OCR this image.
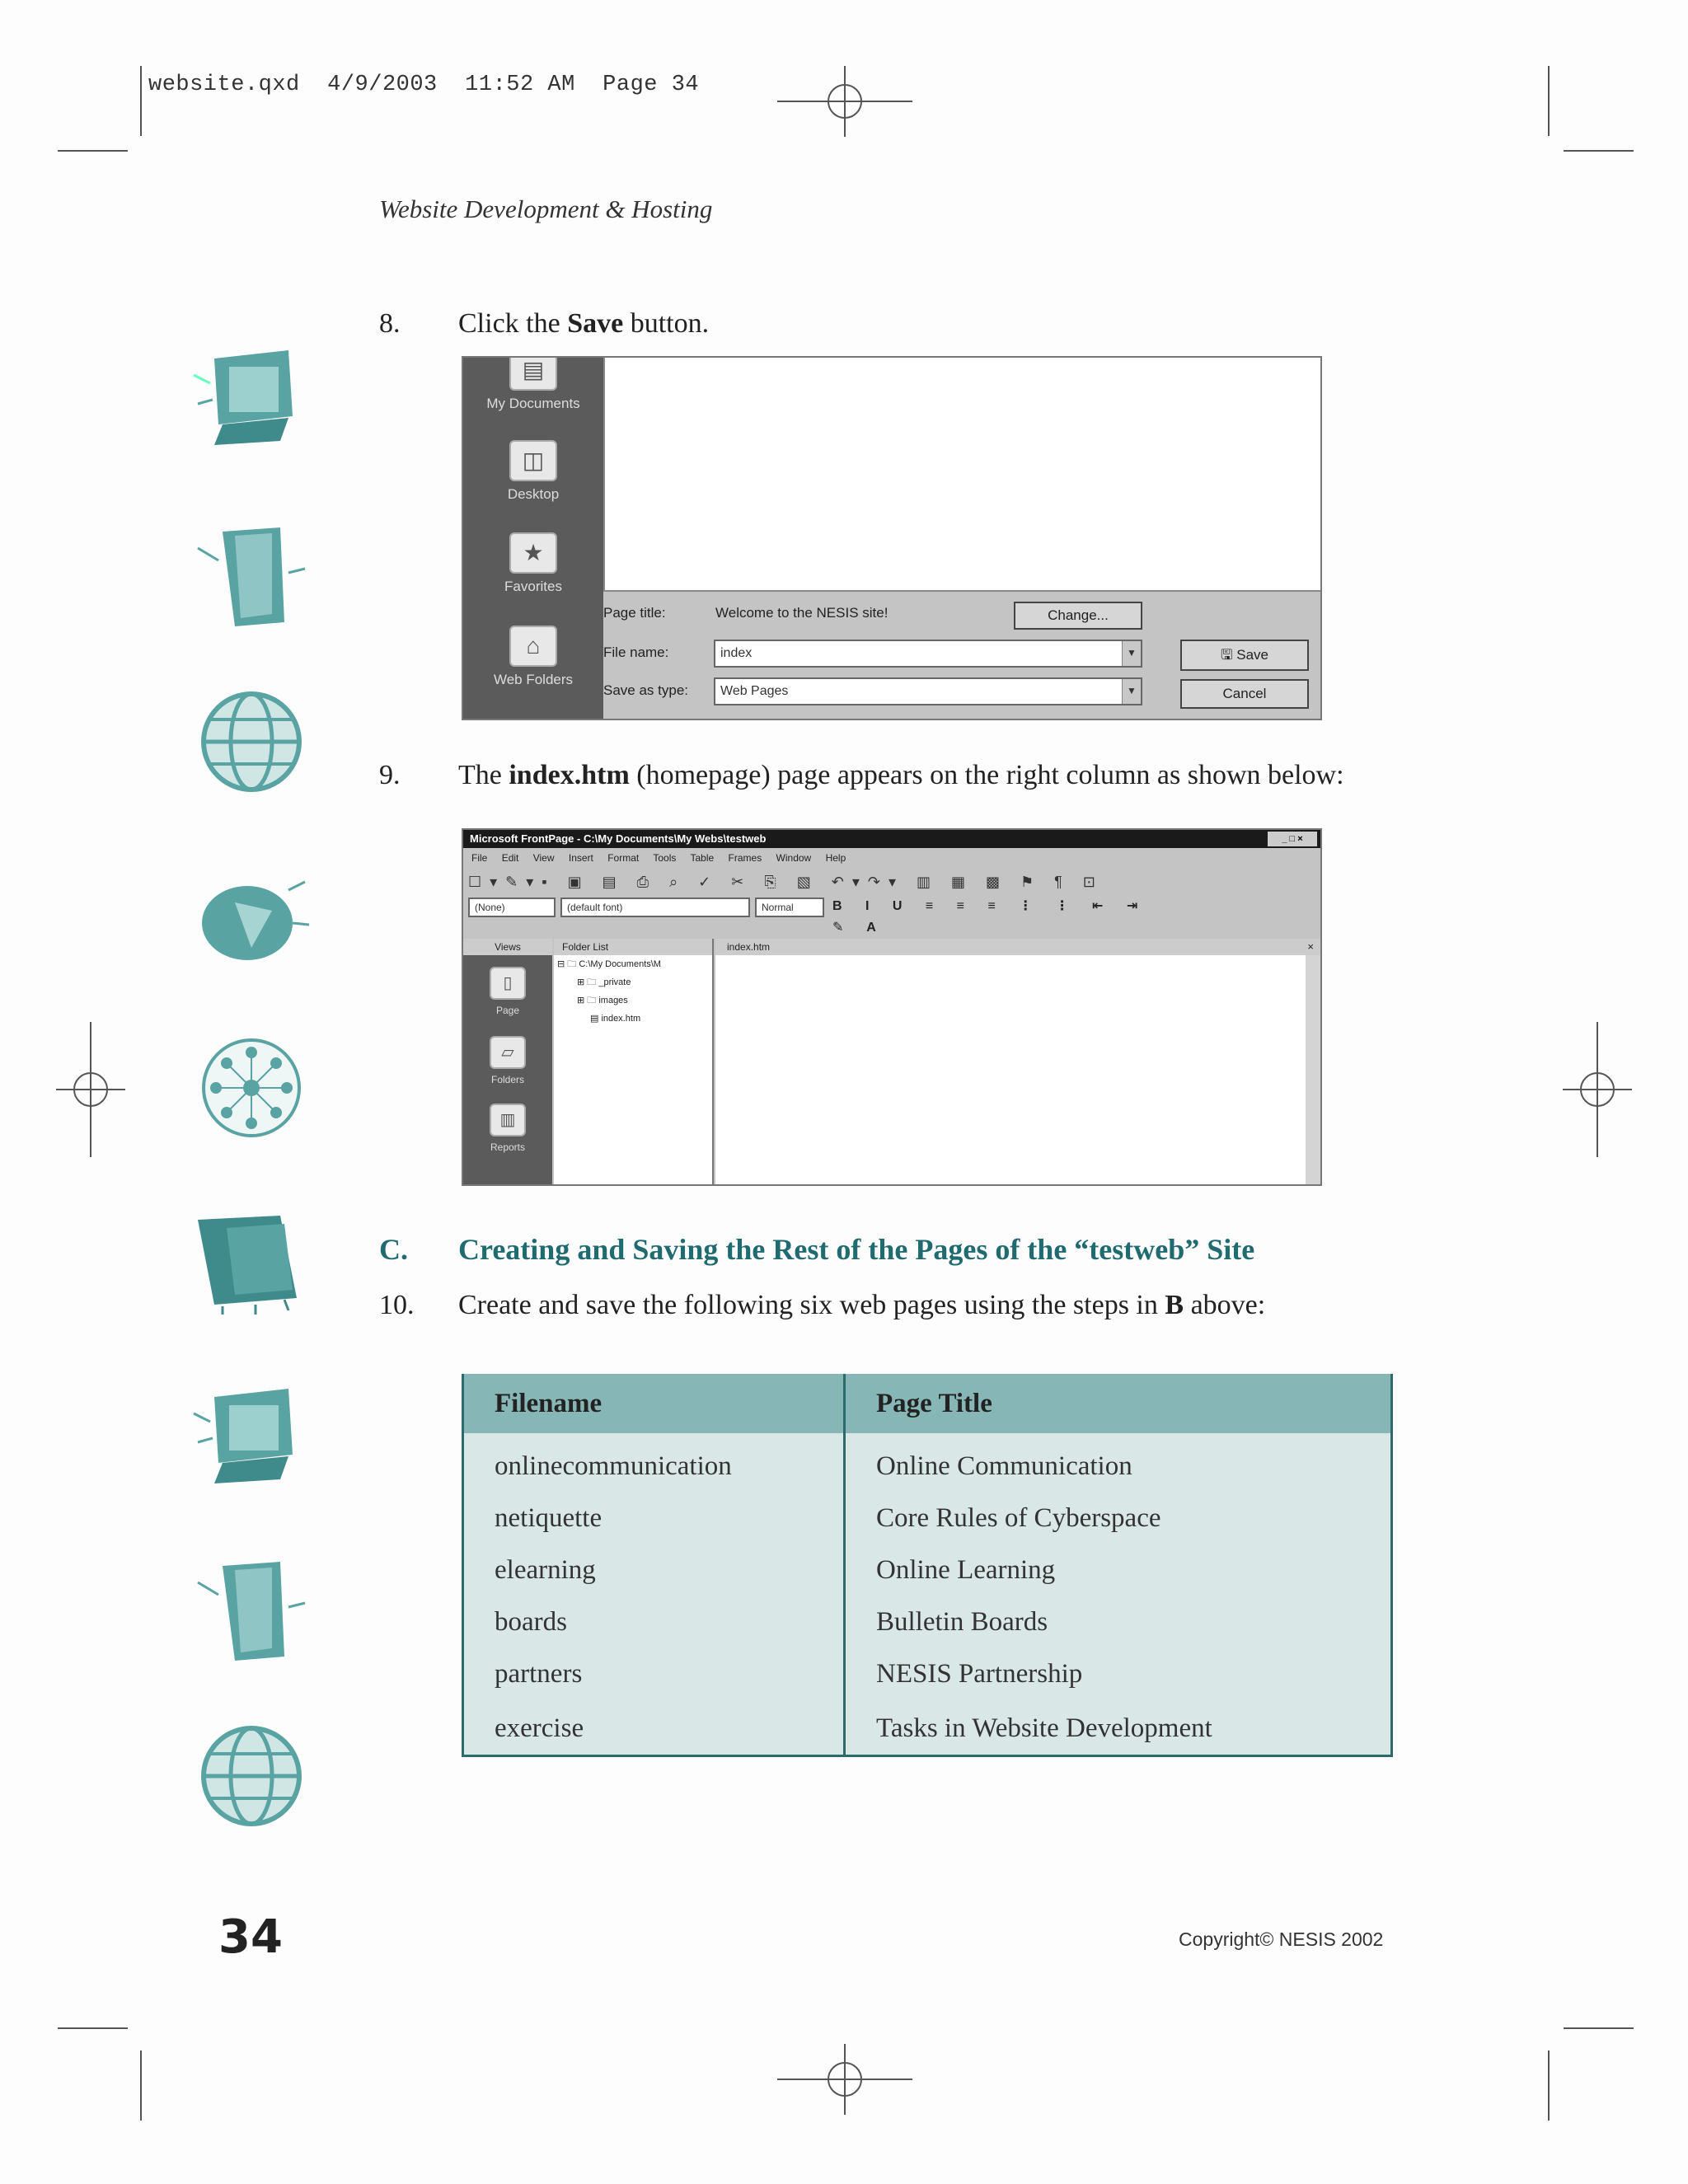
website.qxd  4/9/2003  11:52 AM  Page 34
Website Development & Hosting
8. Click the Save button.
▤
My Documents
◫
Desktop
★
Favorites
⌂
Web Folders
Page title:	Welcome to the NESIS site!	Change...
File name:	index	▼
Save as type:	Web Pages	▼
🖫 Save
Cancel
9. The index.htm (homepage) page appears on the right column as shown below:
Microsoft FrontPage - C:\My Documents\My Webs\testweb	_ □ ×
File Edit View Insert Format Tools Table Frames Window Help
☐▾✎▾▪ ▣ ▤ ⎙ ⌕ ✓ ✂ ⎘ ▧ ↶▾↷▾ ▥ ▦ ▩ ⚑ ¶ ⊡
(None)	(default font)	Normal	B I U ≡ ≡ ≡ ⋮ ⋮ ⇤ ⇥ ✎ A
Views
▯
Page
▱
Folders
▥
Reports
Folder List
⊟ 🗀 C:\My Documents\M
⊞ 🗀 _private
⊞ 🗀 images
▤ index.htm
index.htm	×
C. Creating and Saving the Rest of the Pages of the “testweb” Site
10. Create and save the following six web pages using the steps in B above:
Filename	Page Title
onlinecommunication	Online Communication
netiquette	Core Rules of Cyberspace
elearning	Online Learning
boards	Bulletin Boards
partners	NESIS Partnership
exercise	Tasks in Website Development
34	Copyright© NESIS 2002
